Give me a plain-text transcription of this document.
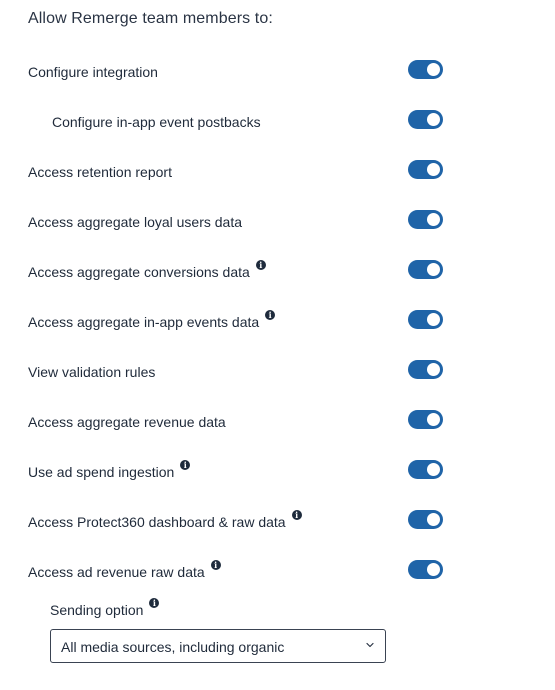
Allow Remerge team members to:
Configure integration
Configure in-app event postbacks
Access retention report
Access aggregate loyal users data
Access aggregate conversions data i
Access aggregate in-app events data i
View validation rules
Access aggregate revenue data
Use ad spend ingestion i
Access Protect360 dashboard & raw data i
Access ad revenue raw data i
Sending option i
All media sources, including organic
